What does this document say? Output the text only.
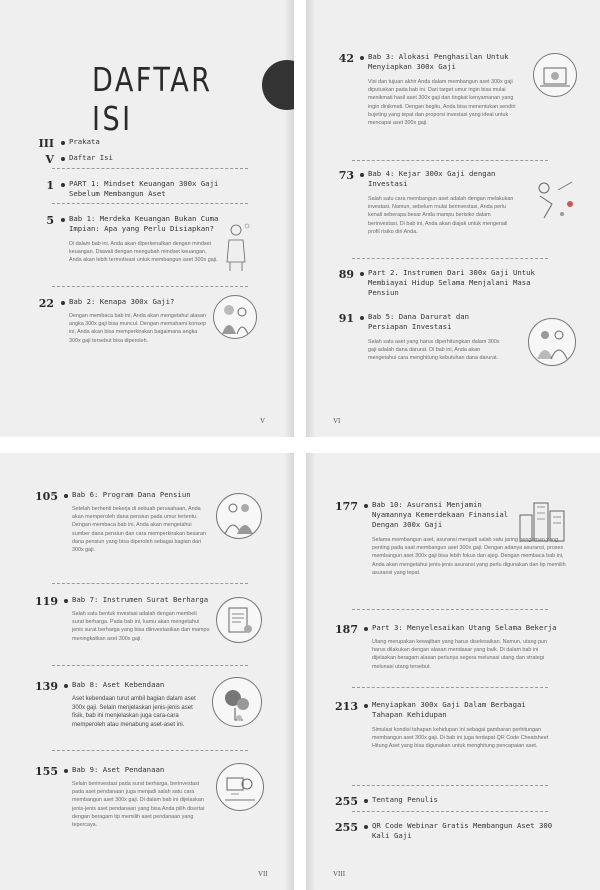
DAFTAR ISI
III Prakata
V Daftar Isi
1 PART 1: Mindset Keuangan 300x Gaji Sebelum Membangun Aset
5 Bab 1: Merdeka Keuangan Bukan Cuma Impian: Apa yang Perlu Disiapkan?
Di dalam bab ini, Anda akan diperkenalkan dengan mindset keuangan. Diawali dengan mengubah mindset keuangan. Anda akan lebih termotivasi untuk membangun aset 300x gaji.
22 Bab 2: Kenapa 300x Gaji?
Dengan membaca bab ini, Anda akan mengetahui alasan angka 300x gaji bisa muncul. Dengan memahami konsep ini, Anda akan bisa memperkirakan bagaimana angka 300x gaji tersebut bisa diperoleh.
V
42 Bab 3: Alokasi Penghasilan Untuk Menyiapkan 300x Gaji
Visi dan tujuan akhir Anda dalam membangun aset 300x gaji diputuskan pada bab ini. Dari target umur ingin bisa mulai menikmati hasil aset 300x gaji dan tingkat kenyamanan yang ingin dinikmati. Dengan begitu, Anda bisa menentukan sendiri bujeting yang tepat dan proporsi investasi yang ideal untuk mencapai aset 300x gaji.
73 Bab 4: Kejar 300x Gaji dengan Investasi
Salah satu cara membangun aset adalah dengan melakukan investasi. Namun, sebelum mulai berinvestasi, Anda perlu kenali seberapa besar Anda mampu berisiko dalam berinvestasi. Di bab ini, Anda akan diajak untuk mengenali profil risiko diri Anda.
89 Part 2. Instrumen Dari 300x Gaji Untuk Membiayai Hidup Selama Menjalani Masa Pensiun
91 Bab 5: Dana Darurat dan Persiapan Investasi
Salah satu aset yang harus diperhitungkan dalam 300x gaji adalah dana darurat. Di bab ini, Anda akan mengetahui cara menghitung kebutuhan dana darurat.
VI
105 Bab 6: Program Dana Pensiun
Setelah berhenti bekerja di sebuah perusahaan, Anda akan memperoleh dana pensiun pada umur tertentu. Dengan membaca bab ini, Anda akan mengetahui sumber dana pensiun dan cara memperkirakan besaran dana pensiun yang bisa diperoleh sebagai bagian dari 300x gaji.
119 Bab 7: Instrumen Surat Berharga
Salah satu bentuk investasi adalah dengan membeli surat berharga. Pada bab ini, kamu akan mengetahui jenis surat berharga yang bisa diinvestasikan dan mampu meningkatkan aset 300x gaji.
139 Bab 8: Aset Kebendaan
Aset kebendaan turut ambil bagian dalam aset 300x gaji. Selain menjelaskan jenis-jenis aset fisik, bab ini menjelaskan juga cara-cara memperoleh atau menabung aset-aset ini.
155 Bab 9: Aset Pendanaan
Selain berinvestasi pada surat berharga, berinvestasi pada aset pendanaan juga menjadi salah satu cara membangun aset 300x gaji. Di dalam bab ini dijelaskan jenis-jenis aset pendanaan yang bisa Anda pilih disertai dengan beragam tip memilih aset pendanaan yang tepercaya.
VII
177 Bab 10: Asuransi Menjamin Nyamannya Kemerdekaan Finansial Dengan 300x Gaji
Selama membangun aset, asuransi menjadi salah satu jaring pengaman yang penting pada saat membangun aset 300x gaji. Dengan adanya asuransi, proses membangun aset 300x gaji bisa lebih fokus dan ajeg. Dengan membaca bab ini, Anda akan mengetahui jenis-jenis asuransi yang perlu digunakan dan tip memilih asuransi yang tepat.
187 Part 3: Menyelesaikan Utang Selama Bekerja
Utang merupakan kewajiban yang harus diselesaikan. Namun, utang pun harus dilakukan dengan alasan mendasar yang baik. Di dalam bab ini dijelaskan beragam alasan perlunya segera melunasi utang dan strategi melunasi utang tersebut.
213 Menyiapkan 300x Gaji Dalam Berbagai Tahapan Kehidupan
Simulasi kondisi tahapan kehidupan ini sebagai gambaran perhitungan membangun aset 300x gaji. Di bab ini juga terdapat QR Code Cheatsheet Hitung Aset yang bisa digunakan untuk menghitung pencapaian aset.
255 Tentang Penulis
255 QR Code Webinar Gratis Membangun Aset 300 Kali Gaji
VIII
